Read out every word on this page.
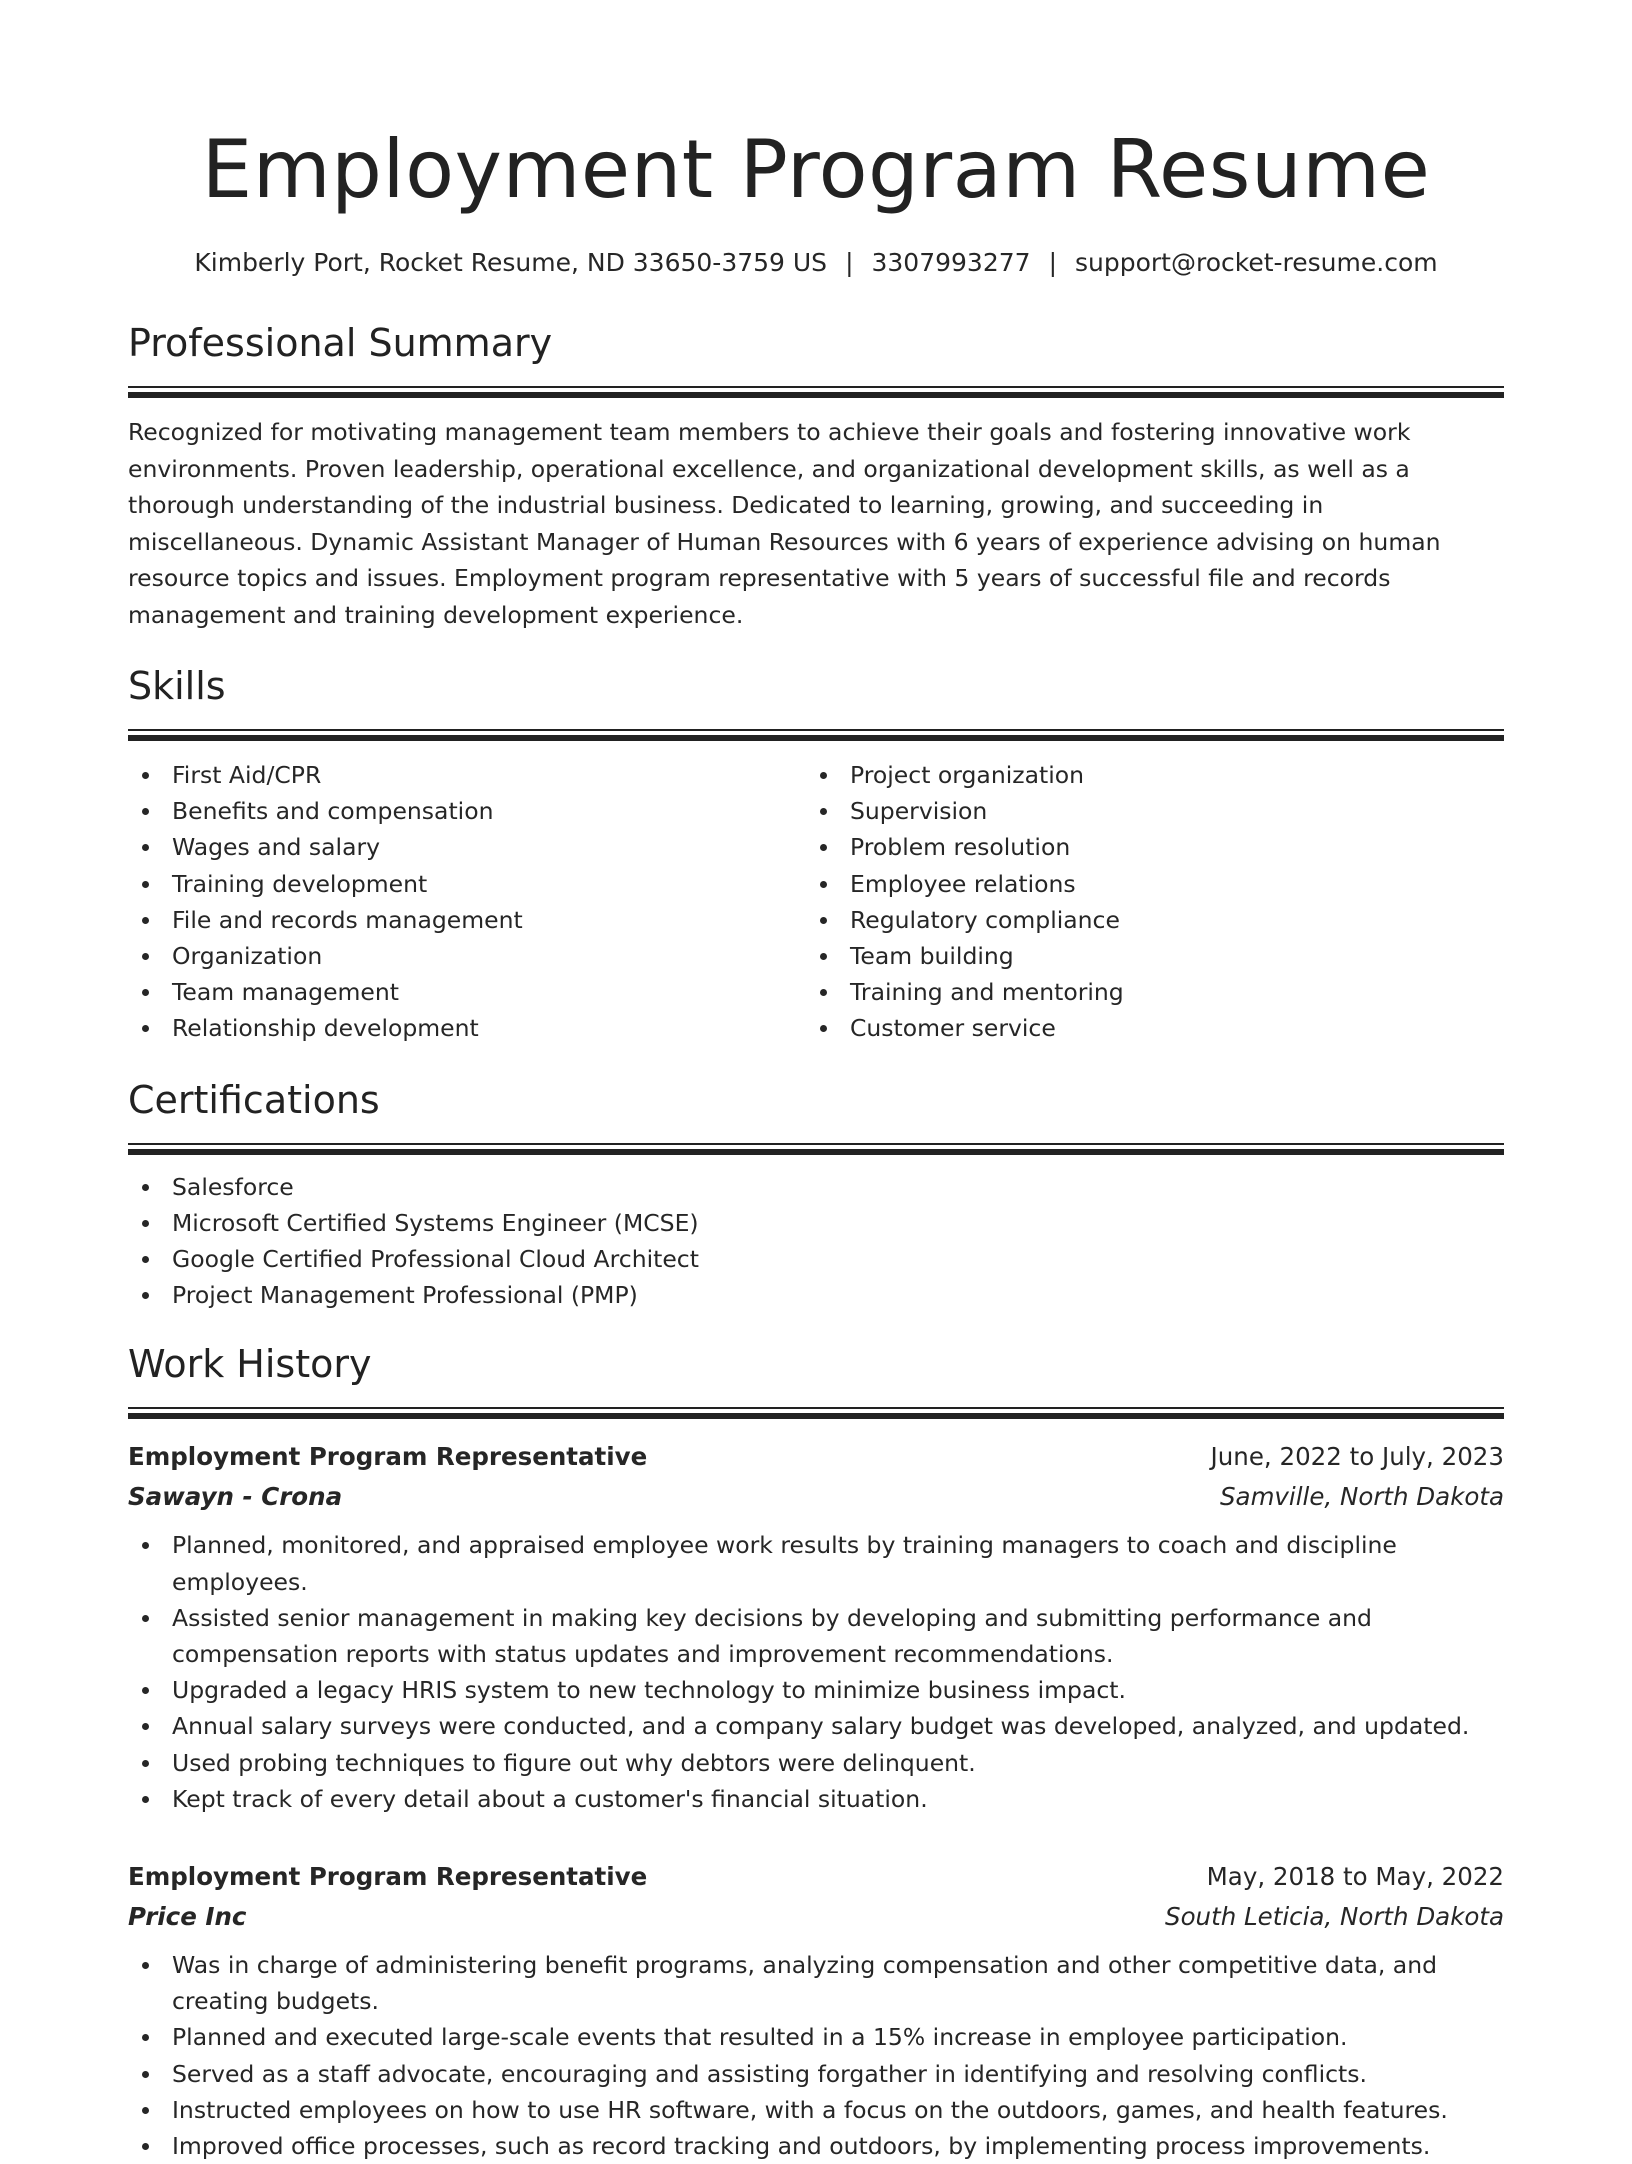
Employment Program Resume
Kimberly Port, Rocket Resume, ND 33650-3759 US | 3307993277 | support@rocket-resume.com
Professional Summary
Recognized for motivating management team members to achieve their goals and fostering innovative work environments. Proven leadership, operational excellence, and organizational development skills, as well as a thorough understanding of the industrial business. Dedicated to learning, growing, and succeeding in miscellaneous. Dynamic Assistant Manager of Human Resources with 6 years of experience advising on human resource topics and issues. Employment program representative with 5 years of successful file and records management and training development experience.
Skills
First Aid/CPR
Benefits and compensation
Wages and salary
Training development
File and records management
Organization
Team management
Relationship development
Project organization
Supervision
Problem resolution
Employee relations
Regulatory compliance
Team building
Training and mentoring
Customer service
Certifications
Salesforce
Microsoft Certified Systems Engineer (MCSE)
Google Certified Professional Cloud Architect
Project Management Professional (PMP)
Work History
Employment Program Representative	June, 2022 to July, 2023
Sawayn - Crona	Samville, North Dakota
Planned, monitored, and appraised employee work results by training managers to coach and discipline employees.
Assisted senior management in making key decisions by developing and submitting performance and compensation reports with status updates and improvement recommendations.
Upgraded a legacy HRIS system to new technology to minimize business impact.
Annual salary surveys were conducted, and a company salary budget was developed, analyzed, and updated.
Used probing techniques to figure out why debtors were delinquent.
Kept track of every detail about a customer's financial situation.
Employment Program Representative	May, 2018 to May, 2022
Price Inc	South Leticia, North Dakota
Was in charge of administering benefit programs, analyzing compensation and other competitive data, and creating budgets.
Planned and executed large-scale events that resulted in a 15% increase in employee participation.
Served as a staff advocate, encouraging and assisting forgather in identifying and resolving conflicts.
Instructed employees on how to use HR software, with a focus on the outdoors, games, and health features.
Improved office processes, such as record tracking and outdoors, by implementing process improvements.
